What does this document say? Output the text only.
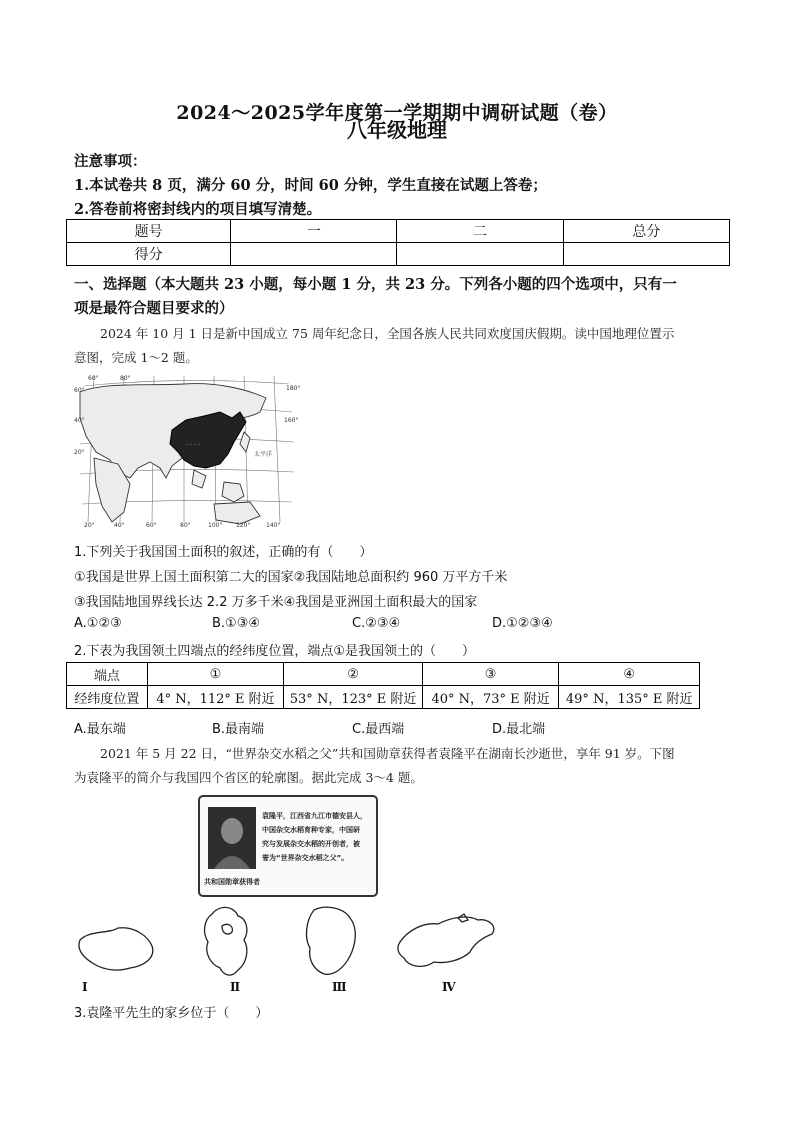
2024～2025学年度第一学期期中调研试题（卷）
八年级地理
注意事项：
1.本试卷共 8 页，满分 60 分，时间 60 分钟，学生直接在试题上答卷；
2.答卷前将密封线内的项目填写清楚。
题号	一	二	总分
得分			
一、选择题（本大题共 23 小题，每小题 1 分，共 23 分。下列各小题的四个选项中，只有一
项是最符合题目要求的）
2024 年 10 月 1 日是新中国成立 75 周年纪念日，全国各族人民共同欢度国庆假期。读中国地理位置示
意图，完成 1～2 题。
· · · · · ·
60°	80°
180°
160°
60°
40°
20°
20°	40°	60°	80°	100° 120°	140°
太平洋
1.下列关于我国国土面积的叙述，正确的有（　　）
①我国是世界上国土面积第二大的国家②我国陆地总面积约 960 万平方千米
③我国陆地国界线长达 2.2 万多千米④我国是亚洲国土面积最大的国家
A.①②③	B.①③④	C.②③④	D.①②③④
2.下表为我国领土四端点的经纬度位置，端点①是我国领土的（　　）
端点	①	②	③	④
经纬度位置	4° N，112° E 附近	53° N，123° E 附近	40° N，73° E 附近	49° N，135° E 附近
A.最东端	B.最南端	C.最西端	D.最北端
2021 年 5 月 22 日，“世界杂交水稻之父”共和国勋章获得者袁隆平在湖南长沙逝世，享年 91 岁。下图
为袁隆平的简介与我国四个省区的轮廓图。据此完成 3～4 题。
袁隆平，江西省九江市德安县人，
中国杂交水稻育种专家，中国研
究与发展杂交水稻的开创者，被
誉为“世界杂交水稻之父”。
共和国勋章获得者
Ⅰ	Ⅱ	Ⅲ	Ⅳ
3.袁隆平先生的家乡位于（　　）
